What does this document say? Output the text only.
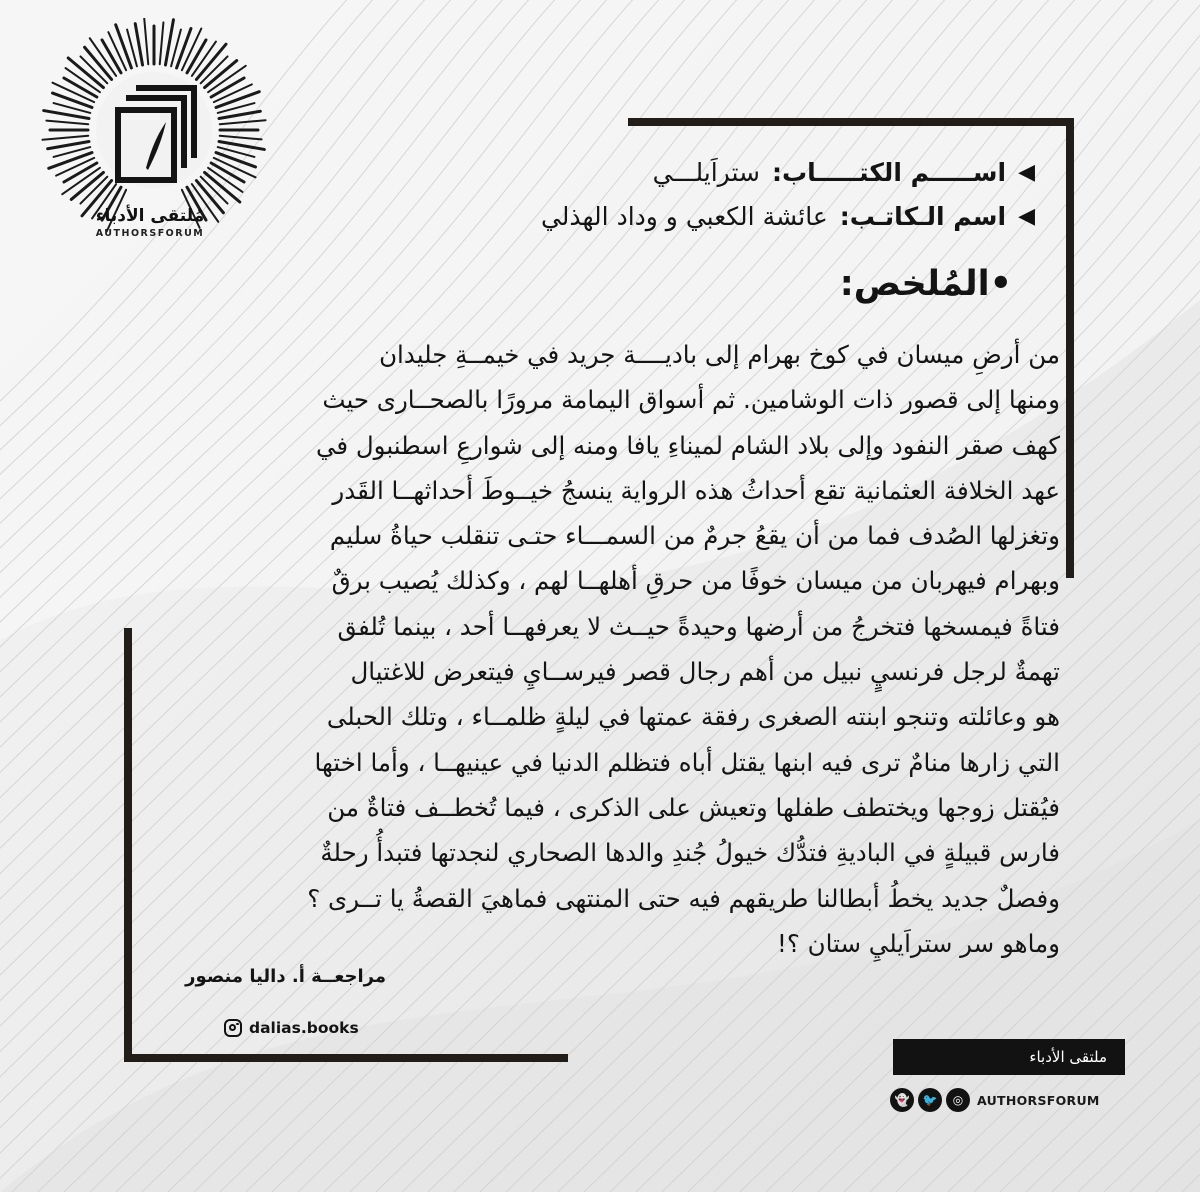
مُلتقى الأدباء
AUTHORSFORUM
◀
اســـــم الكتـــــاب:
ستراَيلـــي
◀
اسم الـكاتـب:
عائشة الكعبي و وداد الهذلي
•المُلخص:
من أرضِ ميسان في كوخ بهرام إلى باديــــة جريد في خيمــةِ جليدان
ومنها إلى قصور ذات الوشامين. ثم أسواق اليمامة مرورًا بالصحــارى حيث
كهف صقر النفود وإلى بلاد الشام لميناءِ يافا ومنه إلى شوارعِ اسطنبول في
عهد الخلافة العثمانية تقع أحداثُ هذه الرواية ينسجُ خيــوطَ أحداثهــا القَدر
وتغزلها الصُدف فما من أن يقعُ جرمٌ من السمـــاء حتـى تنقلب حياةُ سليم
وبهرام فيهربان من ميسان خوفًا من حرقِ أهلهــا لهم ، وكذلك يُصيب برقٌ
فتاةً فيمسخها فتخرجُ من أرضها وحيدةً حيــث لا يعرفهــا أحد ، بينما تُلفق
تهمةٌ لرجل فرنسيٍ نبيل من أهم رجال قصر فيرســايِ فيتعرض للاغتيال
هو وعائلته وتنجو ابنته الصغرى رفقة عمتها في ليلةٍ ظلمــاء ، وتلك الحبلى
التي زارها منامٌ ترى فيه ابنها يقتل أباه فتظلم الدنيا في عينيهــا ، وأما اختها
فيُقتل زوجها ويختطف طفلها وتعيش على الذكرى ، فيما تُخطــف فتاةٌ من
فارس قبيلةٍ في الباديةِ فتدُّك خيولُ جُندِ والدها الصحاري لنجدتها فتبدأُ رحلةٌ
وفصلٌ جديد يخطُ أبطالنا طريقهم فيه حتى المنتهى فماهيَ القصةُ يا تــرى ؟
وماهو سر ستراَيليِ ستان ؟!
مراجعــة أ. داليا منصور
dalias.books
ملتقى الأدباء
👻	🐦	◎	AUTHORSFORUM
